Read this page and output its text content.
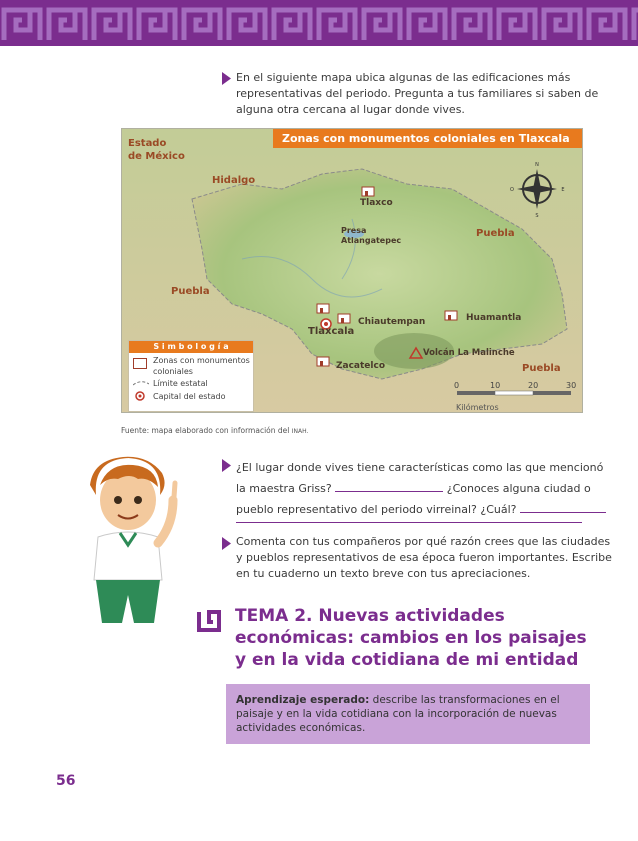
En el siguiente mapa ubica algunas de las edificaciones más
representativas del periodo. Pregunta a tus familiares si saben de
alguna otra cercana al lugar donde vives.
N
S
E
O
Zonas con monumentos coloniales en Tlaxcala
Estado
de México
Hidalgo
Puebla
Puebla
Puebla
Tlaxco
Presa
Atlangatepec
Chiautempan	Huamantla
Tlaxcala
Zacatelco
Volcán La Malinche
0	10	20	30
Kilómetros
S i m b o l o g í a
Zonas con monumentos
coloniales
Límite estatal
Capital del estado
Fuente: mapa elaborado con información del INAH.
¿El lugar donde vives tiene características como las que mencionó
la maestra Griss?	¿Conoces alguna ciudad o
pueblo representativo del periodo virreinal? ¿Cuál?
Comenta con tus compañeros por qué razón crees que las ciudades
y pueblos representativos de esa época fueron importantes. Escribe
en tu cuaderno un texto breve con tus apreciaciones.
TEMA 2. Nuevas actividades
económicas: cambios en los paisajes
y en la vida cotidiana de mi entidad
Aprendizaje esperado: describe las transformaciones en el
paisaje y en la vida cotidiana con la incorporación de nuevas
actividades económicas.
56
